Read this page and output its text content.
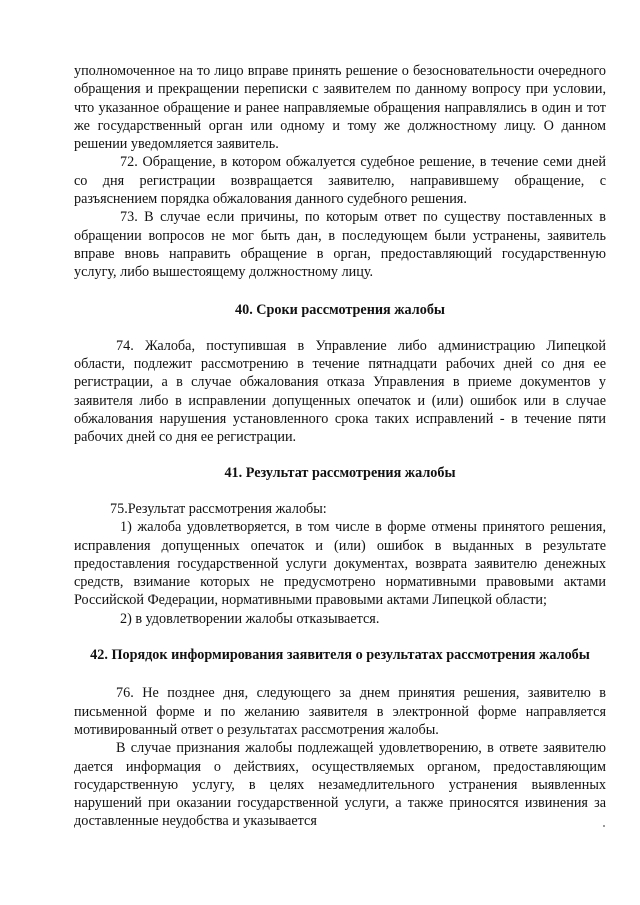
уполномоченное на то лицо вправе принять решение о безосновательности очередного обращения и прекращении переписки с заявителем по данному вопросу при условии, что указанное обращение и ранее направляемые обращения направлялись в один и тот же государственный орган или одному и тому же должностному лицу. О данном решении уведомляется заявитель.

72. Обращение, в котором обжалуется судебное решение, в течение семи дней со дня регистрации возвращается заявителю, направившему обращение, с разъяснением порядка обжалования данного судебного решения.

73. В случае если причины, по которым ответ по существу поставленных в обращении вопросов не мог быть дан, в последующем были устранены, заявитель вправе вновь направить обращение в орган, предоставляющий государственную услугу, либо вышестоящему должностному лицу.

40. Сроки рассмотрения жалобы

74. Жалоба, поступившая в Управление либо администрацию Липецкой области, подлежит рассмотрению в течение пятнадцати рабочих дней со дня ее регистрации, а в случае обжалования отказа Управления в приеме документов у заявителя либо в исправлении допущенных опечаток и (или) ошибок или в случае обжалования нарушения установленного срока таких исправлений - в течение пяти рабочих дней со дня ее регистрации.

41. Результат рассмотрения жалобы

75.Результат рассмотрения жалобы:

1) жалоба удовлетворяется, в том числе в форме отмены принятого решения, исправления допущенных опечаток и (или) ошибок в выданных в результате предоставления государственной услуги документах, возврата заявителю денежных средств, взимание которых не предусмотрено нормативными правовыми актами Российской Федерации, нормативными правовыми актами Липецкой области;

2) в удовлетворении жалобы отказывается.

42. Порядок информирования заявителя о результатах рассмотрения жалобы

76. Не позднее дня, следующего за днем принятия решения, заявителю в письменной форме и по желанию заявителя в электронной форме направляется мотивированный ответ о результатах рассмотрения жалобы.

В случае признания жалобы подлежащей удовлетворению, в ответе заявителю дается информация о действиях, осуществляемых органом, предоставляющим государственную услугу, в целях незамедлительного устранения выявленных нарушений при оказании государственной услуги, а также приносятся извинения за доставленные неудобства и указывается
